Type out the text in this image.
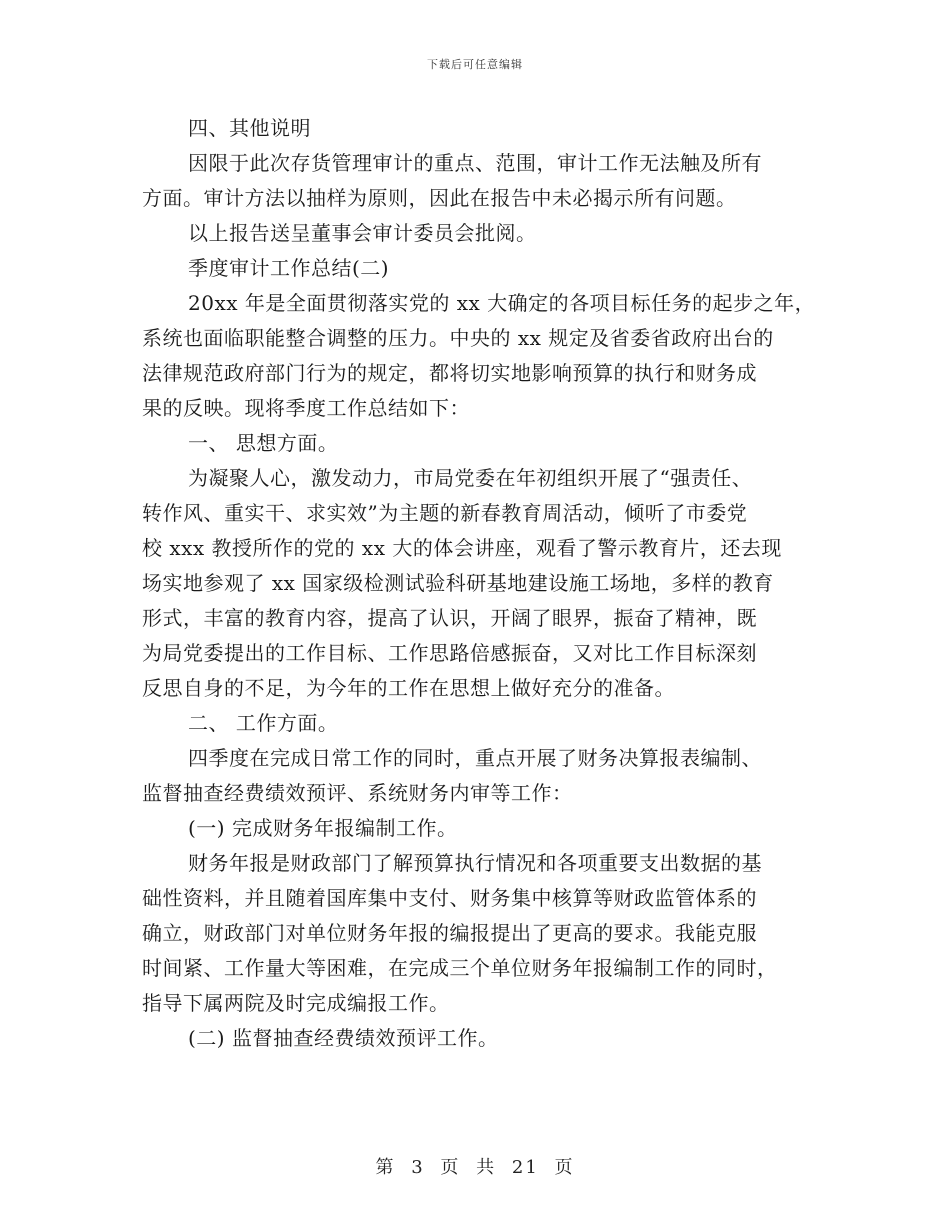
下载后可任意编辑
四、其他说明
因限于此次存货管理审计的重点、范围，审计工作无法触及所有
方面。审计方法以抽样为原则，因此在报告中未必揭示所有问题。
以上报告送呈董事会审计委员会批阅。
季度审计工作总结(二)
20xx 年是全面贯彻落实党的 xx 大确定的各项目标任务的起步之年，
系统也面临职能整合调整的压力。中央的 xx 规定及省委省政府出台的
法律规范政府部门行为的规定，都将切实地影响预算的执行和财务成
果的反映。现将季度工作总结如下：
一、 思想方面。
为凝聚人心，激发动力，市局党委在年初组织开展了“强责任、
转作风、重实干、求实效”为主题的新春教育周活动，倾听了市委党
校 xxx 教授所作的党的 xx 大的体会讲座，观看了警示教育片，还去现
场实地参观了 xx 国家级检测试验科研基地建设施工场地，多样的教育
形式，丰富的教育内容，提高了认识，开阔了眼界，振奋了精神，既
为局党委提出的工作目标、工作思路倍感振奋，又对比工作目标深刻
反思自身的不足，为今年的工作在思想上做好充分的准备。
二、 工作方面。
四季度在完成日常工作的同时，重点开展了财务决算报表编制、
监督抽查经费绩效预评、系统财务内审等工作：
(一) 完成财务年报编制工作。
财务年报是财政部门了解预算执行情况和各项重要支出数据的基
础性资料，并且随着国库集中支付、财务集中核算等财政监管体系的
确立，财政部门对单位财务年报的编报提出了更高的要求。我能克服
时间紧、工作量大等困难，在完成三个单位财务年报编制工作的同时，
指导下属两院及时完成编报工作。
(二) 监督抽查经费绩效预评工作。
第 3 页 共 21 页
